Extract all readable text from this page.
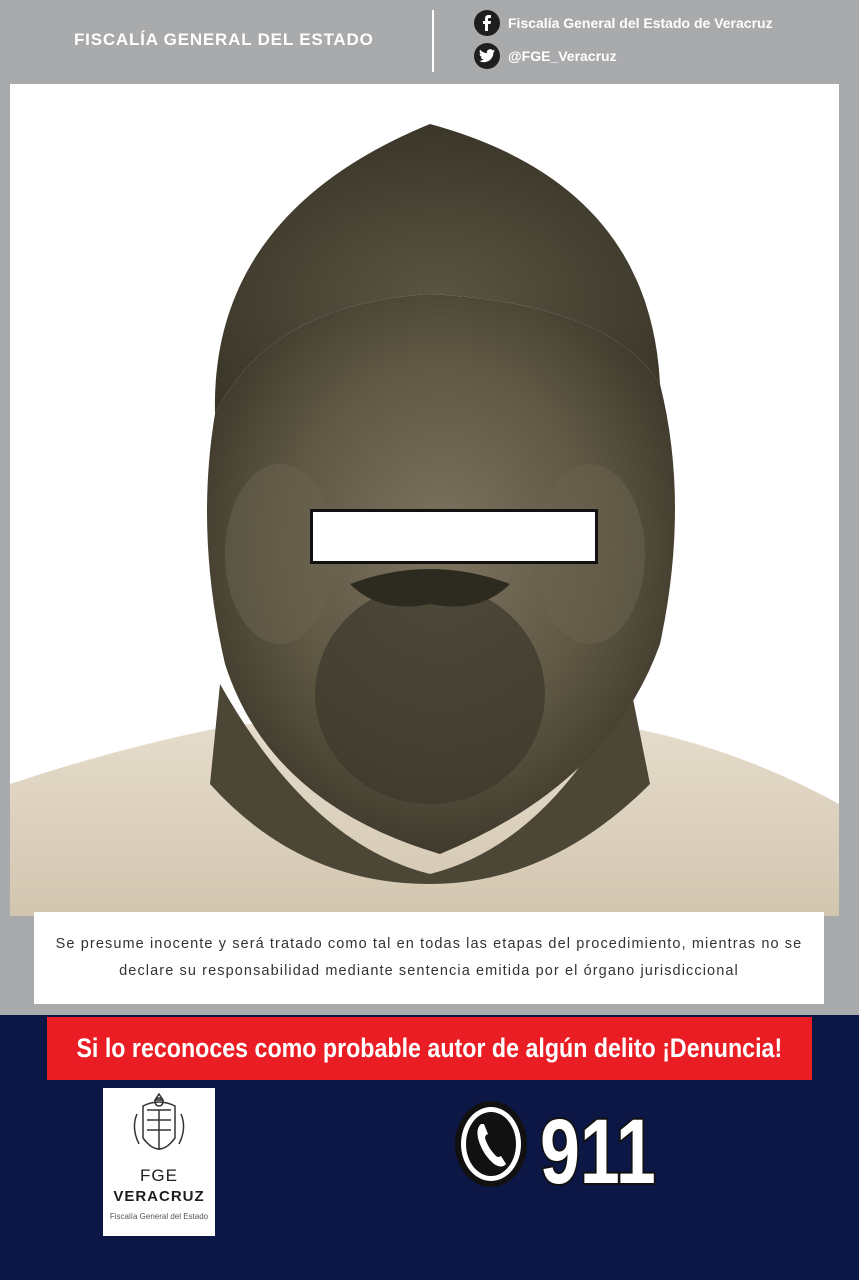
FISCALÍA GENERAL DEL ESTADO
Fiscalía General del Estado de Veracruz
@FGE_Veracruz
Se presume inocente y será tratado como tal en todas las etapas del procedimiento, mientras no se declare su responsabilidad mediante sentencia emitida por el órgano jurisdiccional
Si lo reconoces como probable autor de algún delito ¡Denuncia!
FGE
VERACRUZ
Fiscalía General del Estado
911
